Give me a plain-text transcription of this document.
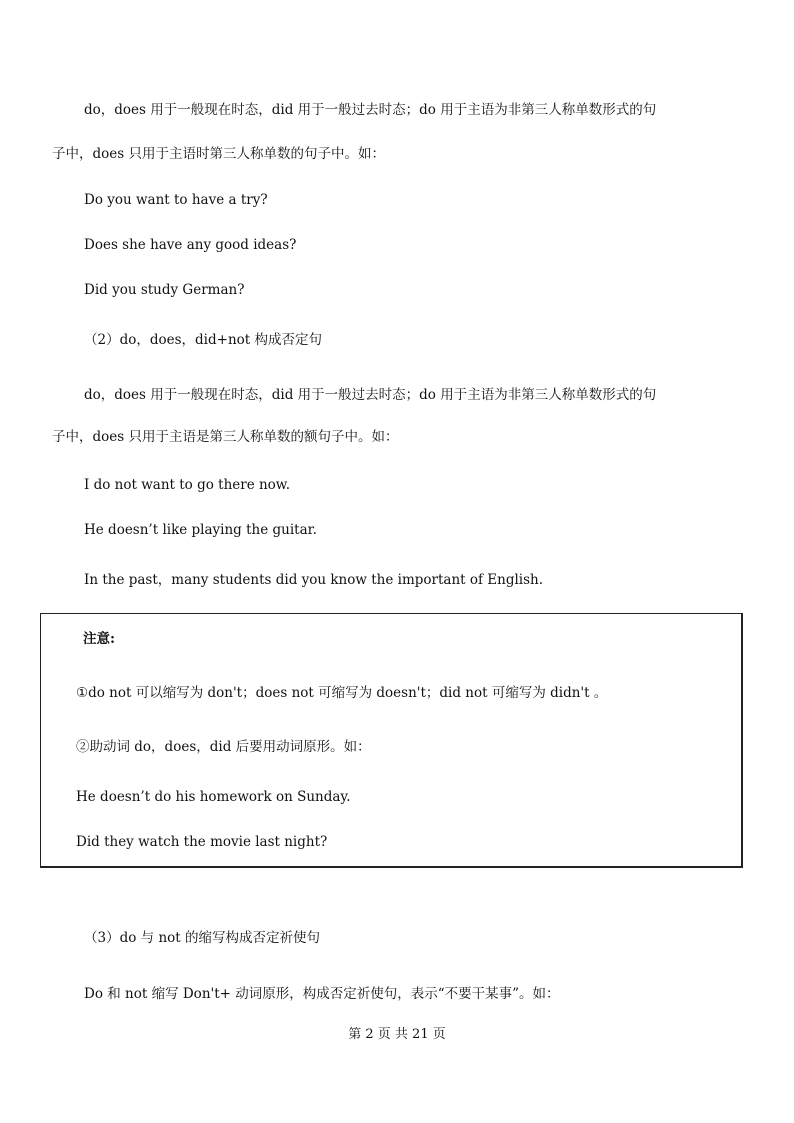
do，does 用于一般现在时态，did 用于一般过去时态；do 用于主语为非第三人称单数形式的句
子中，does 只用于主语时第三人称单数的句子中。如：
Do you want to have a try?
Does she have any good ideas?
Did you study German?
（2）do，does，did+not 构成否定句
do，does 用于一般现在时态，did 用于一般过去时态；do 用于主语为非第三人称单数形式的句
子中，does 只用于主语是第三人称单数的额句子中。如：
I do not want to go there now.
He doesn’t like playing the guitar.
In the past，many students did you know the important of English.
注意:
①do not 可以缩写为 don't；does not 可缩写为 doesn't；did not 可缩写为 didn't 。
②助动词 do，does，did 后要用动词原形。如：
He doesn’t do his homework on Sunday.
Did they watch the movie last night?
（3）do 与 not 的缩写构成否定祈使句
Do 和 not 缩写 Don't+ 动词原形，构成否定祈使句，表示“不要干某事”。如：
第 2 页 共 21 页
